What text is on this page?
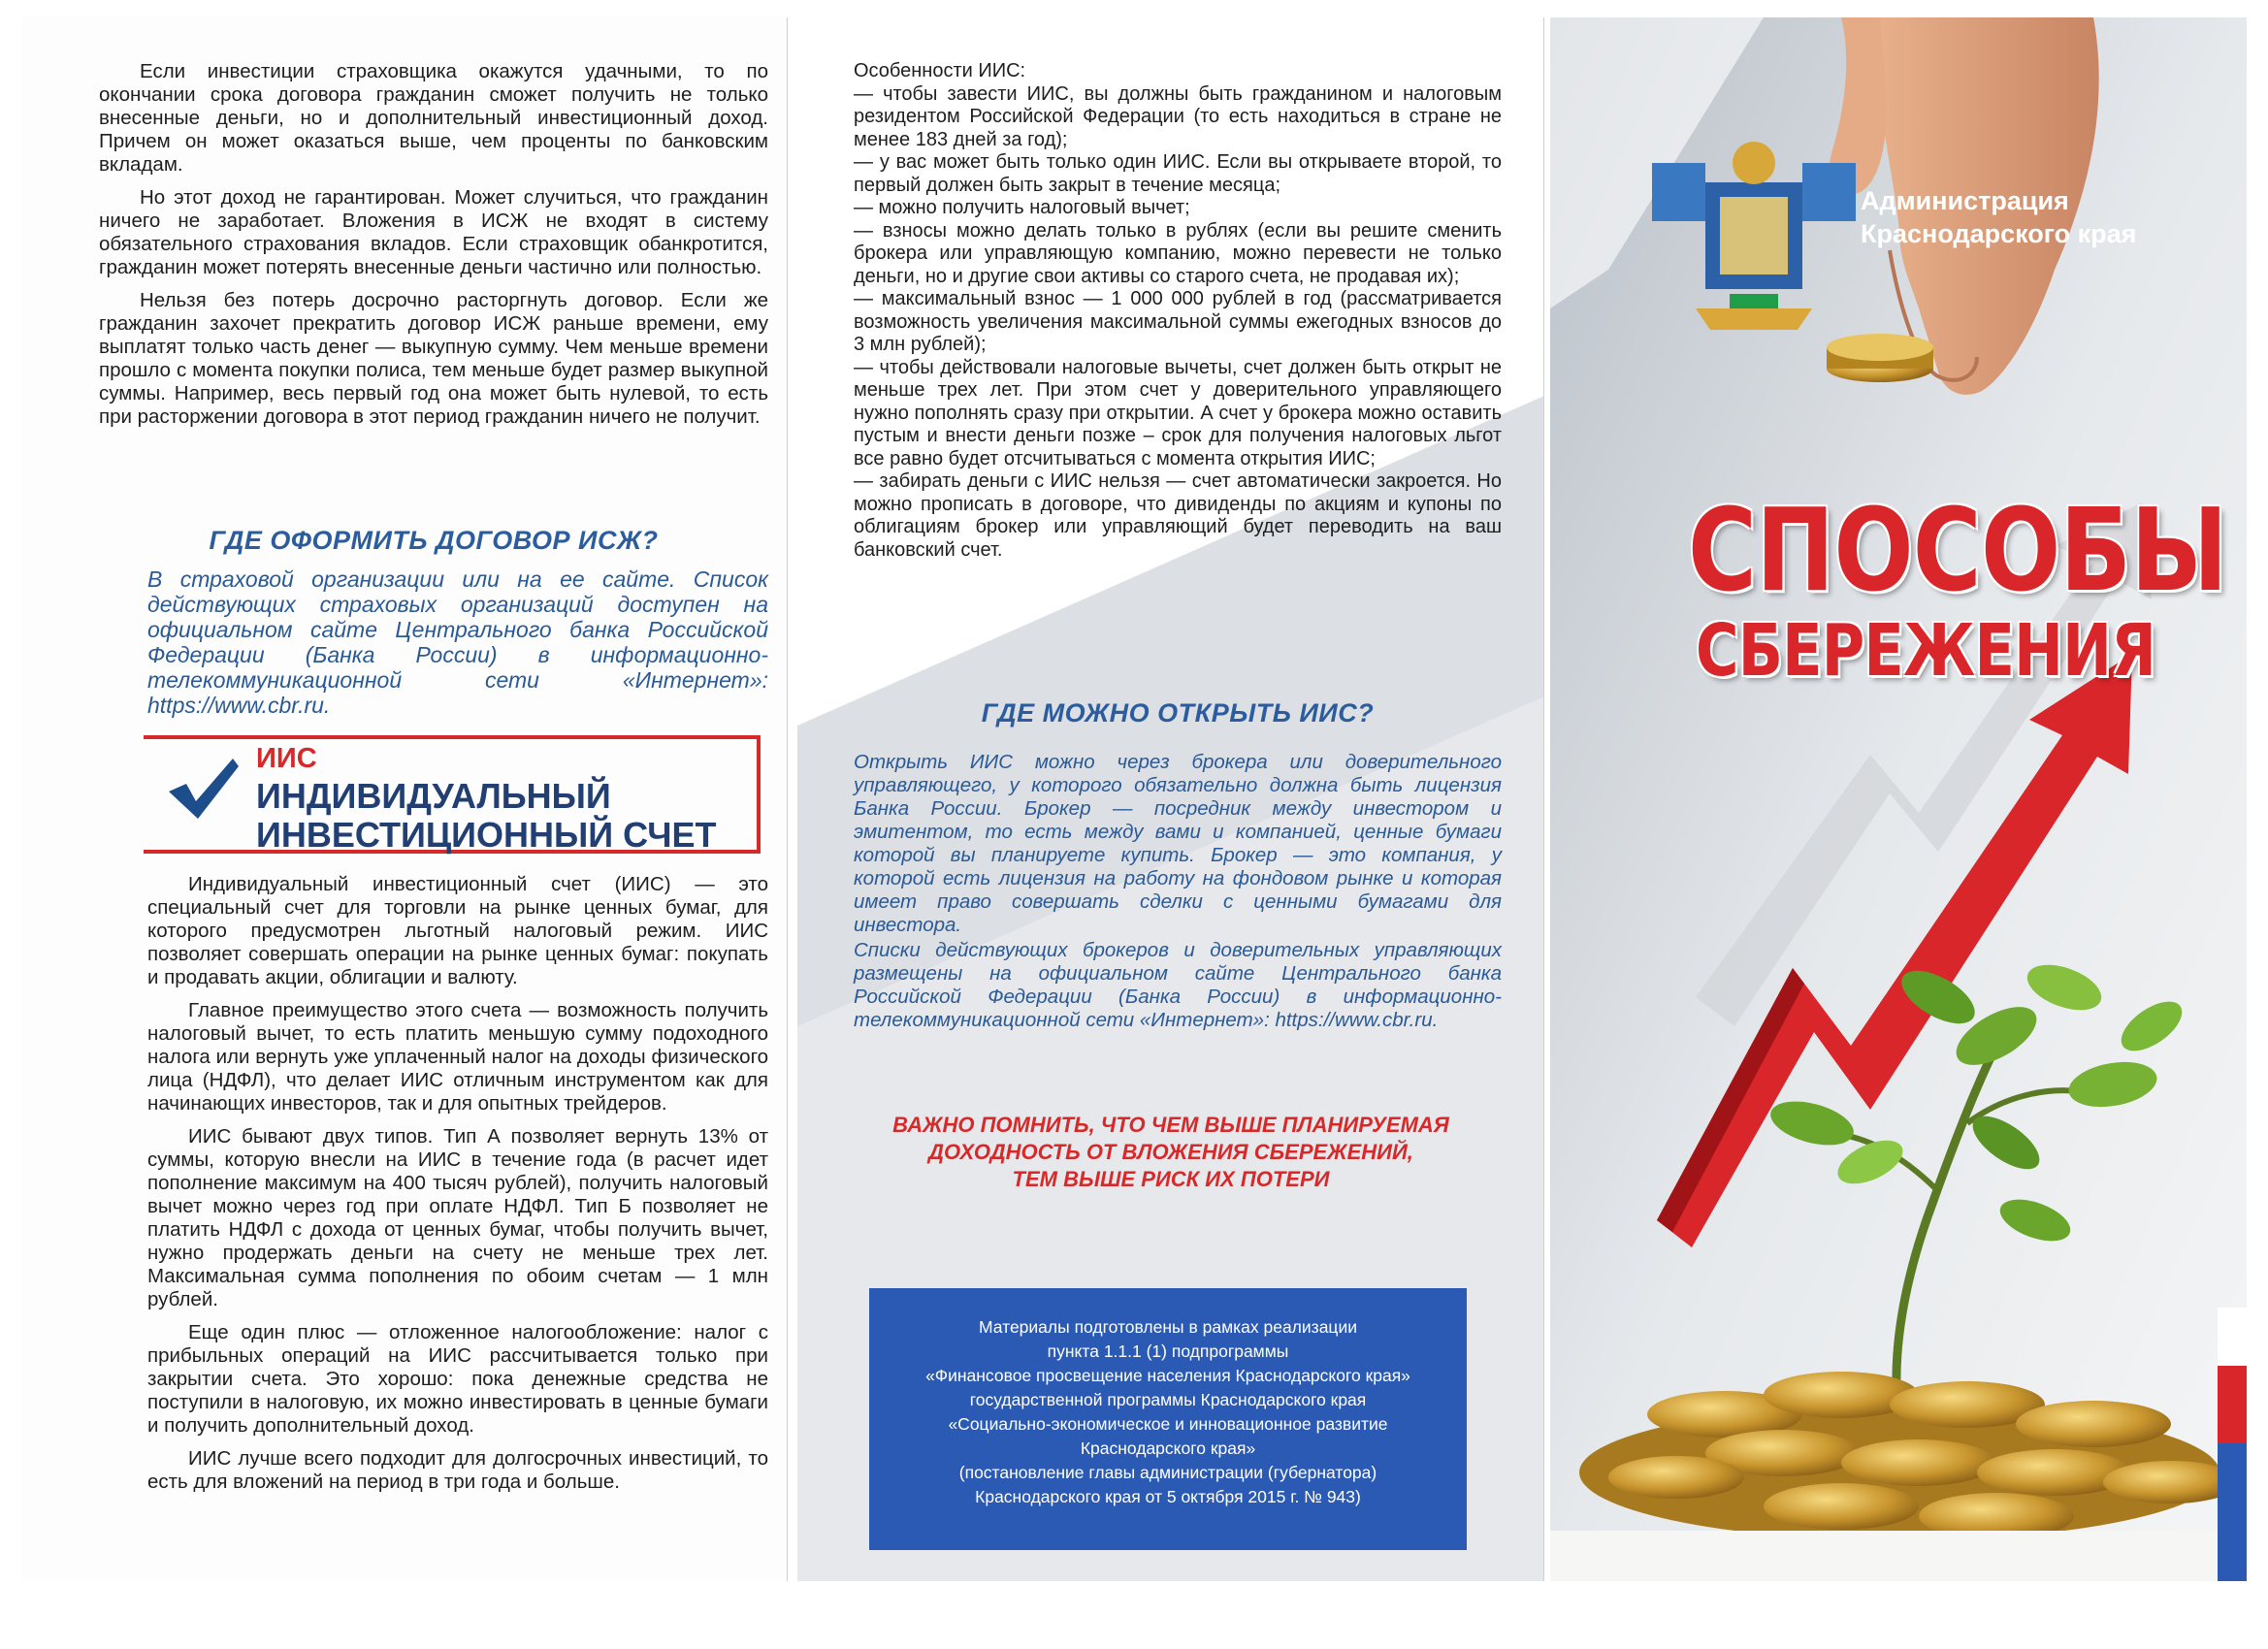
Если инвестиции страховщика окажутся удачными, то по окончании срока договора гражданин сможет получить не только внесенные деньги, но и дополнительный инвестиционный доход. Причем он может оказаться выше, чем проценты по банковским вкладам.

Но этот доход не гарантирован. Может случиться, что гражданин ничего не заработает. Вложения в ИСЖ не входят в систему обязательного страхования вкладов. Если страховщик обанкротится, гражданин может потерять внесенные деньги частично или полностью.

Нельзя без потерь досрочно расторгнуть договор. Если же гражданин захочет прекратить договор ИСЖ раньше времени, ему выплатят только часть денег — выкупную сумму. Чем меньше времени прошло с момента покупки полиса, тем меньше будет размер выкупной суммы. Например, весь первый год она может быть нулевой, то есть при расторжении договора в этот период гражданин ничего не получит.

ГДЕ ОФОРМИТЬ ДОГОВОР ИСЖ?

В страховой организации или на ее сайте. Список действующих страховых организаций доступен на официальном сайте Центрального банка Российской Федерации (Банка России) в информационно-телекоммуникационной сети «Интернет»: https://www.cbr.ru.

ИИС
ИНДИВИДУАЛЬНЫЙ
ИНВЕСТИЦИОННЫЙ СЧЕТ

Индивидуальный инвестиционный счет (ИИС) — это специальный счет для торговли на рынке ценных бумаг, для которого предусмотрен льготный налоговый режим. ИИС позволяет совершать операции на рынке ценных бумаг: покупать и продавать акции, облигации и валюту.

Главное преимущество этого счета — возможность получить налоговый вычет, то есть платить меньшую сумму подоходного налога или вернуть уже уплаченный налог на доходы физического лица (НДФЛ), что делает ИИС отличным инструментом как для начинающих инвесторов, так и для опытных трейдеров.

ИИС бывают двух типов. Тип А позволяет вернуть 13% от суммы, которую внесли на ИИС в течение года (в расчет идет пополнение максимум на 400 тысяч рублей), получить налоговый вычет можно через год при оплате НДФЛ. Тип Б позволяет не платить НДФЛ с дохода от ценных бумаг, чтобы получить вычет, нужно продержать деньги на счету не меньше трех лет. Максимальная сумма пополнения по обоим счетам — 1 млн рублей.

Еще один плюс — отложенное налогообложение: налог с прибыльных операций на ИИС рассчитывается только при закрытии счета. Это хорошо: пока денежные средства не поступили в налоговую, их можно инвестировать в ценные бумаги и получить дополнительный доход.

ИИС лучше всего подходит для долгосрочных инвестиций, то есть для вложений на период в три года и больше.

Особенности ИИС:
— чтобы завести ИИС, вы должны быть гражданином и налоговым резидентом Российской Федерации (то есть находиться в стране не менее 183 дней за год);
— у вас может быть только один ИИС. Если вы открываете второй, то первый должен быть закрыт в течение месяца;
— можно получить налоговый вычет;
— взносы можно делать только в рублях (если вы решите сменить брокера или управляющую компанию, можно перевести не только деньги, но и другие свои активы со старого счета, не продавая их);
— максимальный взнос — 1 000 000 рублей в год (рассматривается возможность увеличения максимальной суммы ежегодных взносов до 3 млн рублей);
— чтобы действовали налоговые вычеты, счет должен быть открыт не меньше трех лет. При этом счет у доверительного управляющего нужно пополнять сразу при открытии. А счет у брокера можно оставить пустым и внести деньги позже – срок для получения налоговых льгот все равно будет отсчитываться с момента открытия ИИС;
— забирать деньги с ИИС нельзя — счет автоматически закроется. Но можно прописать в договоре, что дивиденды по акциям и купоны по облигациям брокер или управляющий будет переводить на ваш банковский счет.
ГДЕ МОЖНО ОТКРЫТЬ ИИС?

Открыть ИИС можно через брокера или доверительного управляющего, у которого обязательно должна быть лицензия Банка России. Брокер — посредник между инвестором и эмитентом, то есть между вами и компанией, ценные бумаги которой вы планируете купить. Брокер — это компания, у которой есть лицензия на работу на фондовом рынке и которая имеет право совершать сделки с ценными бумагами для инвестора.

Списки действующих брокеров и доверительных управляющих размещены на официальном сайте Центрального банка Российской Федерации (Банка России) в информационно-телекоммуникационной сети «Интернет»: https://www.cbr.ru.

ВАЖНО ПОМНИТЬ, ЧТО ЧЕМ ВЫШЕ ПЛАНИРУЕМАЯ
ДОХОДНОСТЬ ОТ ВЛОЖЕНИЯ СБЕРЕЖЕНИЙ,
ТЕМ ВЫШЕ РИСК ИХ ПОТЕРИ
Материалы подготовлены в рамках реализации
пункта 1.1.1 (1) подпрограммы
«Финансовое просвещение населения Краснодарского края»
государственной программы Краснодарского края
«Социально-экономическое и инновационное развитие
Краснодарского края»
(постановление главы администрации (губернатора)
Краснодарского края от 5 октября 2015 г. № 943)
Администрация
Краснодарского края
СПОСОБЫ
СБЕРЕЖЕНИЯ
